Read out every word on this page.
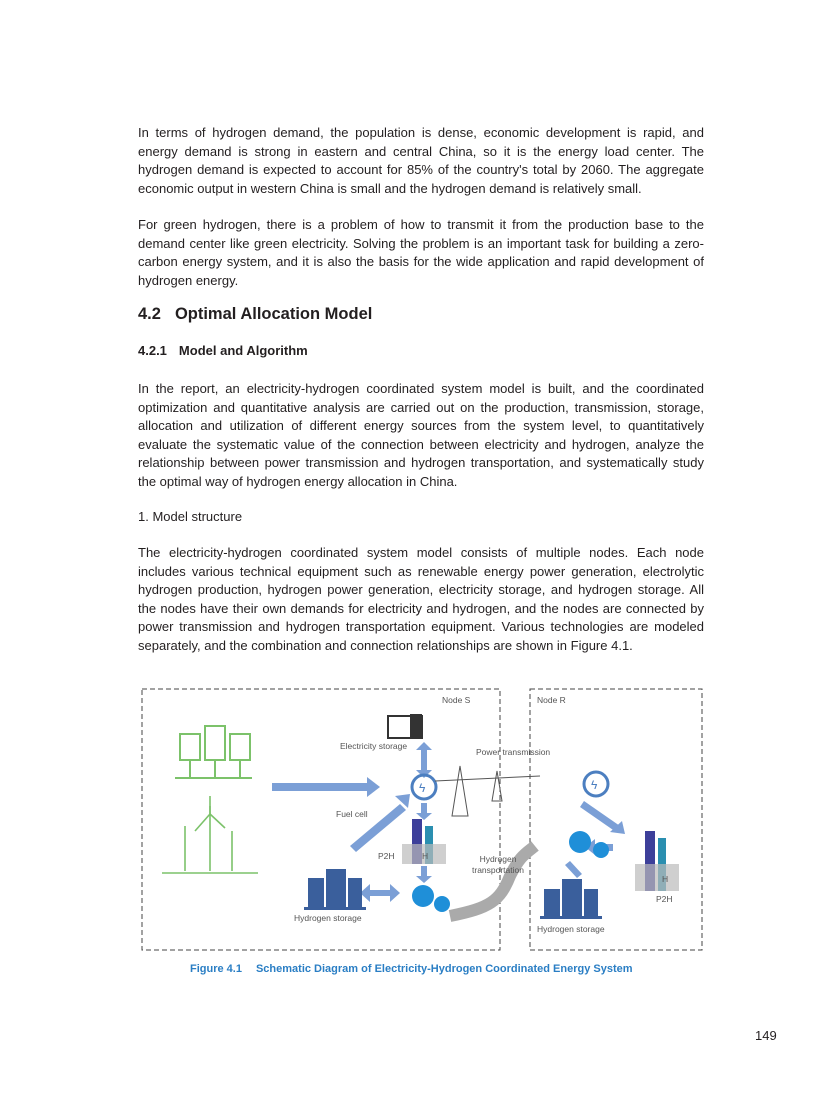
In terms of hydrogen demand, the population is dense, economic development is rapid, and energy demand is strong in eastern and central China, so it is the energy load center. The hydrogen demand is expected to account for 85% of the country's total by 2060. The aggregate economic output in western China is small and the hydrogen demand is relatively small.

For green hydrogen, there is a problem of how to transmit it from the production base to the demand center like green electricity. Solving the problem is an important task for building a zero-carbon energy system, and it is also the basis for the wide application and rapid development of hydrogen energy.

4.2 Optimal Allocation Model
4.2.1 Model and Algorithm

In the report, an electricity-hydrogen coordinated system model is built, and the coordinated optimization and quantitative analysis are carried out on the production, transmission, storage, allocation and utilization of different energy sources from the system level, to quantitatively evaluate the systematic value of the connection between electricity and hydrogen, analyze the relationship between power transmission and hydrogen transportation, and systematically study the optimal way of hydrogen energy allocation in China.

1. Model structure

The electricity-hydrogen coordinated system model consists of multiple nodes. Each node includes various technical equipment such as renewable energy power generation, electrolytic hydrogen production, hydrogen power generation, electricity storage, and hydrogen storage. All the nodes have their own demands for electricity and hydrogen, and the nodes are connected by power transmission and hydrogen transportation equipment. Various technologies are modeled separately, and the combination and connection relationships are shown in Figure 4.1.

ϟ	ϟ
Node S	Node R
Electricity storage
Power transmission
Fuel cell
P2H	H
P2H
H
Hydrogen transportation
Hydrogen storage
Hydrogen storage

Figure 4.1 Schematic Diagram of Electricity-Hydrogen Coordinated Energy System

149
